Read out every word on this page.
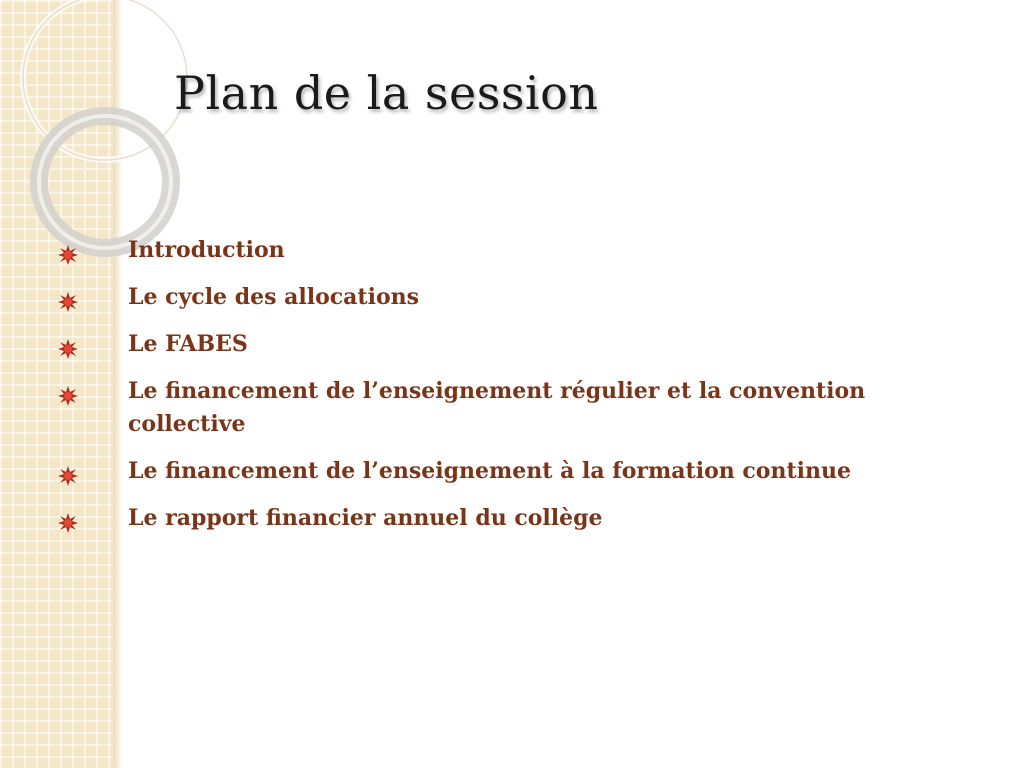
Plan de la session
Introduction
Le cycle des allocations
Le FABES
Le financement de l’enseignement régulier et la convention collective
Le financement de l’enseignement à la formation continue
Le rapport financier annuel du collège
